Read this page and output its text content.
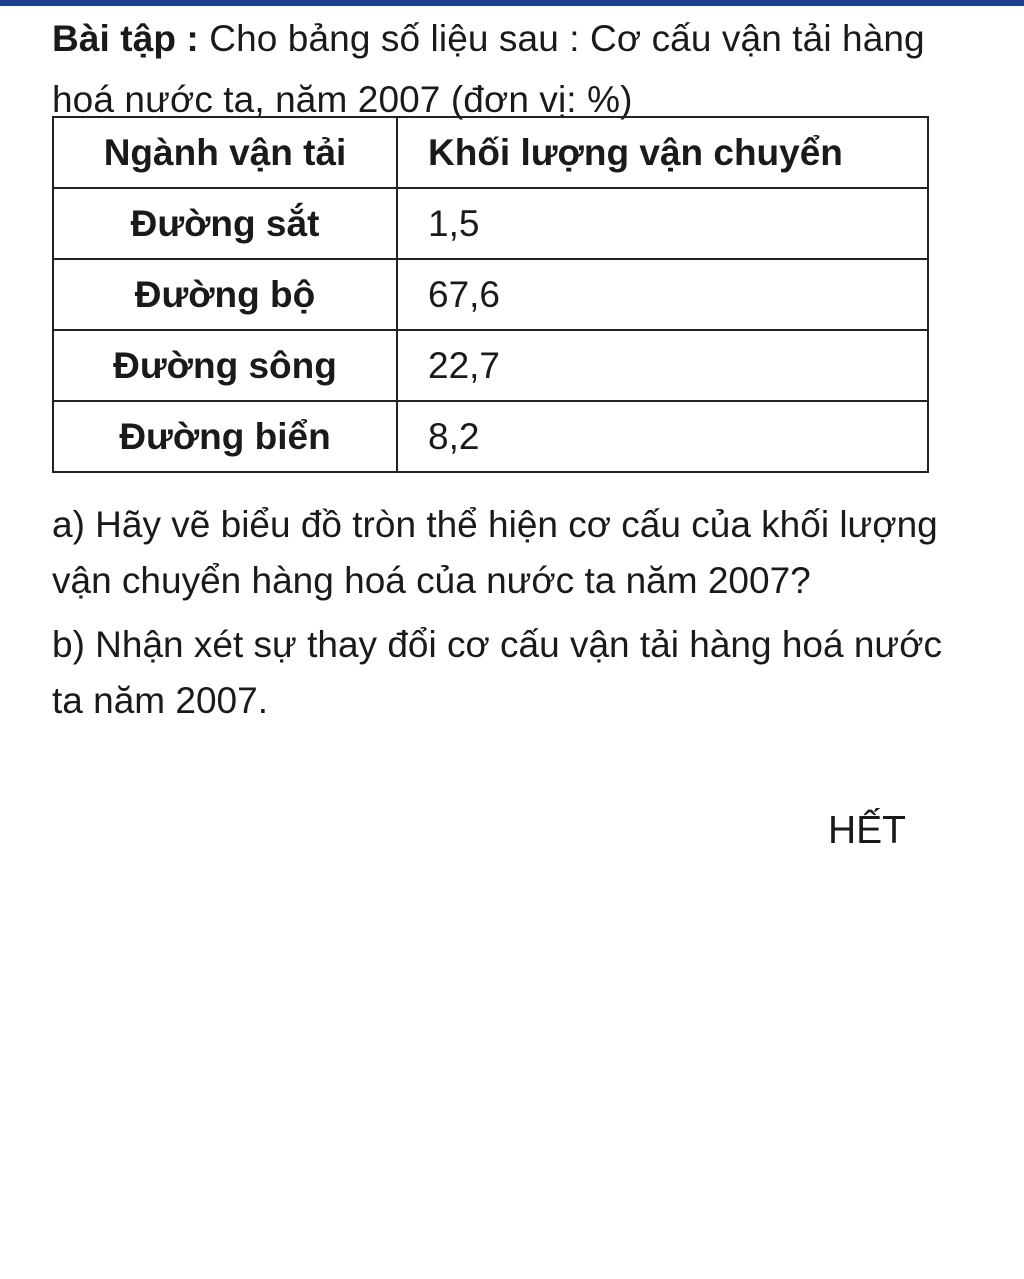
Bài tập : Cho bảng số liệu sau : Cơ cấu vận tải hàng hoá nước ta, năm 2007 (đơn vị: %)

Ngành vận tải	Khối lượng vận chuyển
Đường sắt	1,5
Đường bộ	67,6
Đường sông	22,7
Đường biển	8,2

a) Hãy vẽ biểu đồ tròn thể hiện cơ cấu của khối lượng vận chuyển hàng hoá của nước ta năm 2007?

b) Nhận xét sự thay đổi cơ cấu vận tải hàng hoá nước ta năm 2007.

HẾT
